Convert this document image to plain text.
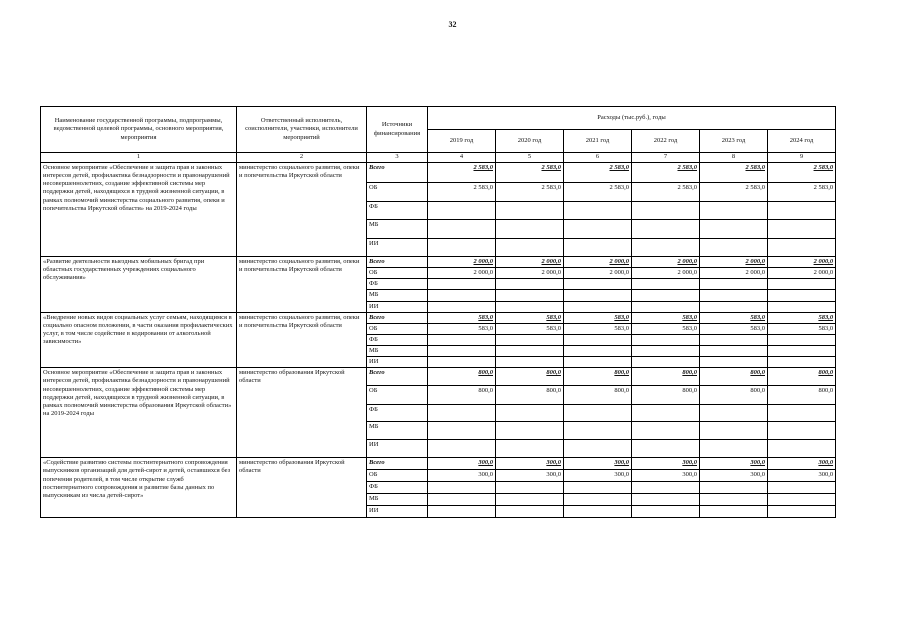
32
Наименование государственной программы, подпрограммы, ведомственной целевой программы, основного мероприятия, мероприятия	Ответственный исполнитель, соисполнители, участники, исполнители мероприятий	Источники финансирования	Расходы (тыс.руб.), годы					
			2019 год	2020 год	2021 год	2022 год	2023 год	2024 год
1	2	3	4	5	6	7	8	9
Основное мероприятие «Обеспечение и защита прав и законных интересов детей, профилактика безнадзорности и правонарушений несовершеннолетних, создание эффективной системы мер поддержки детей, находящихся в трудной жизненной ситуации, в рамках полномочий министерства социального развития, опеки и попечительства Иркутской области» на 2019-2024 годы	министерство социального развития, опеки и попечительства Иркутской области	Всего	2 583,0	2 583,0	2 583,0	2 583,0	2 583,0	2 583,0
		ОБ	2 583,0	2 583,0	2 583,0	2 583,0	2 583,0	2 583,0
		ФБ						
		МБ						
		ИИ						
«Развитие деятельности выездных мобильных бригад при областных государственных учреждениях социального обслуживания»	министерство социального развития, опеки и попечительства Иркутской области	Всего	2 000,0	2 000,0	2 000,0	2 000,0	2 000,0	2 000,0
		ОБ	2 000,0	2 000,0	2 000,0	2 000,0	2 000,0	2 000,0
		ФБ						
		МБ						
		ИИ						
«Внедрение новых видов социальных услуг семьям, находящимся в социально опасном положении, в части оказания профилактических услуг, в том числе содействие в кодировании от алкогольной зависимости»	министерство социального развития, опеки и попечительства Иркутской области	Всего	583,0	583,0	583,0	583,0	583,0	583,0
		ОБ	583,0	583,0	583,0	583,0	583,0	583,0
		ФБ						
		МБ						
		ИИ						
Основное мероприятие «Обеспечение и защита прав и законных интересов детей, профилактика безнадзорности и правонарушений несовершеннолетних, создание эффективной системы мер поддержки детей, находящихся в трудной жизненной ситуации, в рамках полномочий министерства образования Иркутской области» на 2019-2024 годы	министерство образования Иркутской области	Всего	800,0	800,0	800,0	800,0	800,0	800,0
		ОБ	800,0	800,0	800,0	800,0	800,0	800,0
		ФБ						
		МБ						
		ИИ						
«Содействие развитию системы постинтернатного сопровождения выпускников организаций для детей-сирот и детей, оставшихся без попечения родителей, в том числе открытие служб постинтернатного сопровождения и развитие базы данных по выпускникам из числа детей-сирот»	министерство образования Иркутской области	Всего	300,0	300,0	300,0	300,0	300,0	300,0
		ОБ	300,0	300,0	300,0	300,0	300,0	300,0
		ФБ						
		МБ						
		ИИ						
